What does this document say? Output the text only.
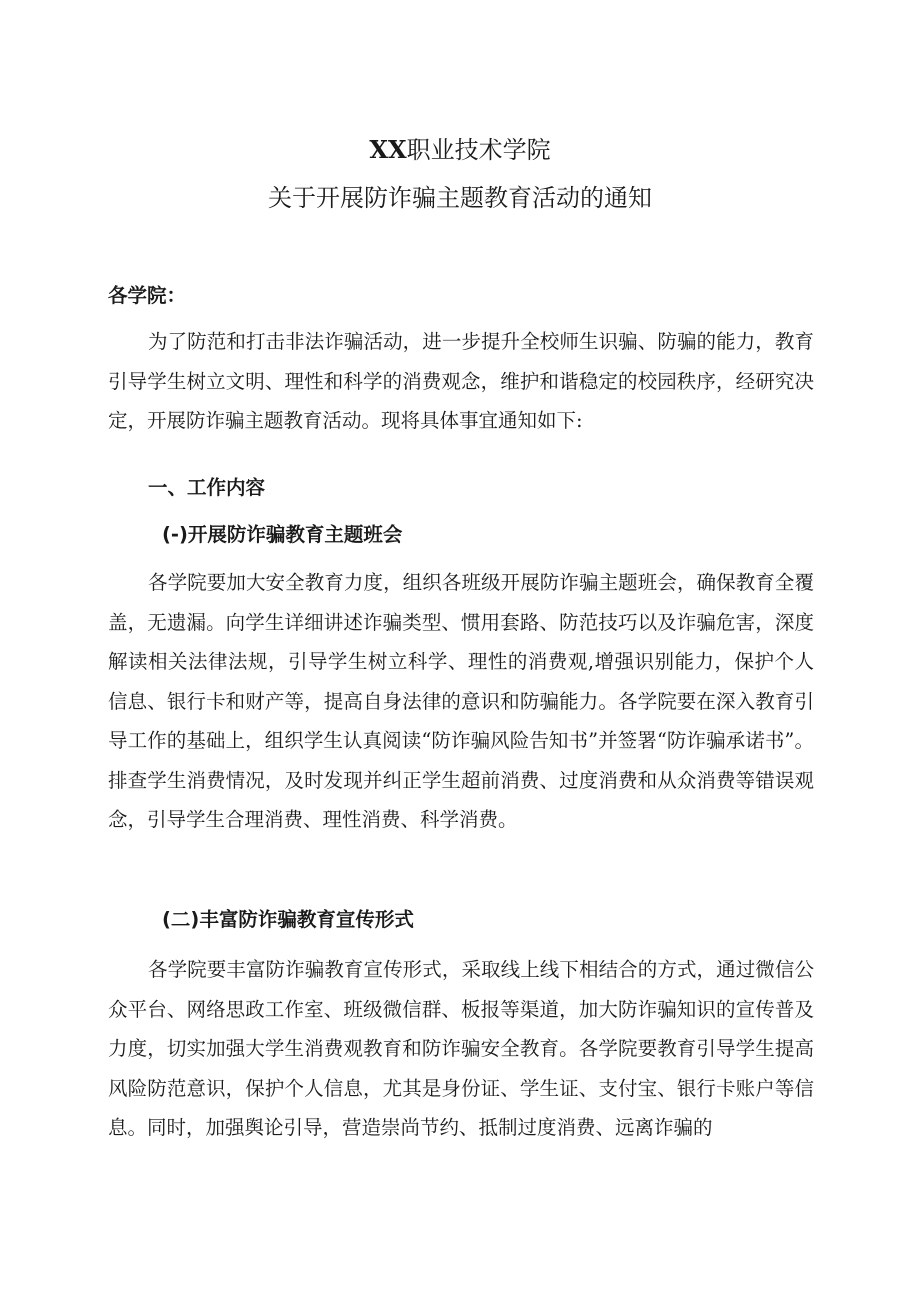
XX职业技术学院
关于开展防诈骗主题教育活动的通知
各学院：
为了防范和打击非法诈骗活动，进一步提升全校师生识骗、防骗的能力，教育引导学生树立文明、理性和科学的消费观念，维护和谐稳定的校园秩序，经研究决定，开展防诈骗主题教育活动。现将具体事宜通知如下:
一、工作内容
(-)开展防诈骗教育主题班会
各学院要加大安全教育力度，组织各班级开展防诈骗主题班会，确保教育全覆盖，无遗漏。向学生详细讲述诈骗类型、惯用套路、防范技巧以及诈骗危害，深度解读相关法律法规，引导学生树立科学、理性的消费观,增强识别能力，保护个人信息、银行卡和财产等，提高自身法律的意识和防骗能力。各学院要在深入教育引导工作的基础上，组织学生认真阅读“防诈骗风险告知书”并签署“防诈骗承诺书”。排查学生消费情况，及时发现并纠正学生超前消费、过度消费和从众消费等错误观念，引导学生合理消费、理性消费、科学消费。
(二)丰富防诈骗教育宣传形式
各学院要丰富防诈骗教育宣传形式，采取线上线下相结合的方式，通过微信公众平台、网络思政工作室、班级微信群、板报等渠道，加大防诈骗知识的宣传普及力度，切实加强大学生消费观教育和防诈骗安全教育。各学院要教育引导学生提高风险防范意识，保护个人信息，尤其是身份证、学生证、支付宝、银行卡账户等信息。同时，加强舆论引导，营造崇尚节约、抵制过度消费、远离诈骗的
